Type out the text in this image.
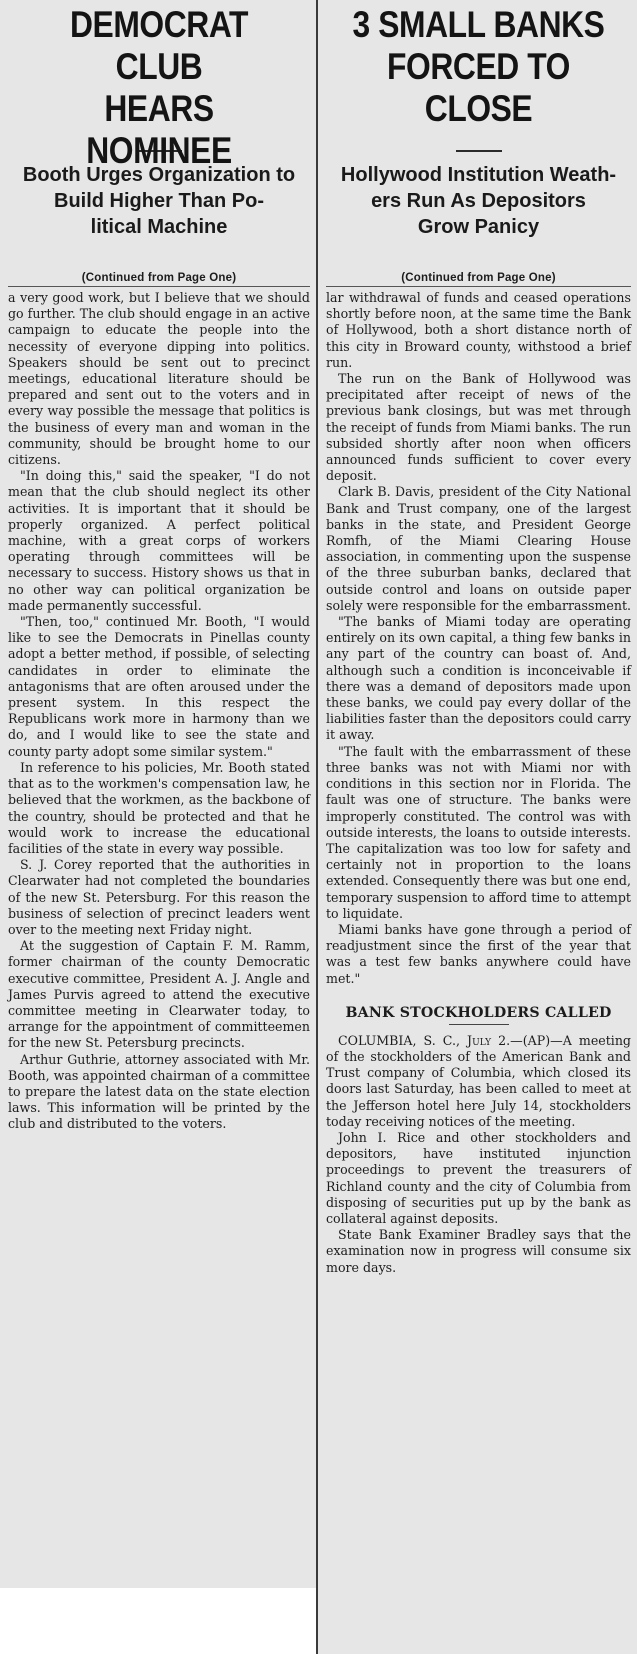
DEMOCRAT CLUB
HEARS NOMINEE
Booth Urges Organization to
Build Higher Than Po-
litical Machine
(Continued from Page One)

a very good work, but I believe that we should go further. The club should engage in an active campaign to educate the people into the necessity of everyone dipping into politics. Speakers should be sent out to precinct meetings, educational literature should be prepared and sent out to the voters and in every way possible the message that politics is the business of every man and woman in the community, should be brought home to our citizens.

"In doing this," said the speaker, "I do not mean that the club should neglect its other activities. It is important that it should be properly organized. A perfect political machine, with a great corps of workers operating through committees will be necessary to success. History shows us that in no other way can political organization be made permanently successful.

"Then, too," continued Mr. Booth, "I would like to see the Democrats in Pinellas county adopt a better method, if possible, of selecting candidates in order to eliminate the antagonisms that are often aroused under the present system. In this respect the Republicans work more in harmony than we do, and I would like to see the state and county party adopt some similar system."

In reference to his policies, Mr. Booth stated that as to the workmen's compensation law, he believed that the workmen, as the backbone of the country, should be protected and that he would work to increase the educational facilities of the state in every way possible.

S. J. Corey reported that the authorities in Clearwater had not completed the boundaries of the new St. Petersburg. For this reason the business of selection of precinct leaders went over to the meeting next Friday night.

At the suggestion of Captain F. M. Ramm, former chairman of the county Democratic executive committee, President A. J. Angle and James Purvis agreed to attend the executive committee meeting in Clearwater today, to arrange for the appointment of committeemen for the new St. Petersburg precincts.

Arthur Guthrie, attorney associated with Mr. Booth, was appointed chairman of a committee to prepare the latest data on the state election laws. This information will be printed by the club and distributed to the voters.

3 SMALL BANKS
FORCED TO CLOSE
Hollywood Institution Weath-
ers Run As Depositors
Grow Panicy
(Continued from Page One)

lar withdrawal of funds and ceased operations shortly before noon, at the same time the Bank of Hollywood, both a short distance north of this city in Broward county, withstood a brief run.

The run on the Bank of Hollywood was precipitated after receipt of news of the previous bank closings, but was met through the receipt of funds from Miami banks. The run subsided shortly after noon when officers announced funds sufficient to cover every deposit.

Clark B. Davis, president of the City National Bank and Trust company, one of the largest banks in the state, and President George Romfh, of the Miami Clearing House association, in commenting upon the suspense of the three suburban banks, declared that outside control and loans on outside paper solely were responsible for the embarrassment.

"The banks of Miami today are operating entirely on its own capital, a thing few banks in any part of the country can boast of. And, although such a condition is inconceivable if there was a demand of depositors made upon these banks, we could pay every dollar of the liabilities faster than the depositors could carry it away.

"The fault with the embarrassment of these three banks was not with Miami nor with conditions in this section nor in Florida. The fault was one of structure. The banks were improperly constituted. The control was with outside interests, the loans to outside interests. The capitalization was too low for safety and certainly not in proportion to the loans extended. Consequently there was but one end, temporary suspension to afford time to attempt to liquidate.

Miami banks have gone through a period of readjustment since the first of the year that was a test few banks anywhere could have met."

BANK STOCKHOLDERS CALLED

COLUMBIA, S. C., July 2.—(AP)—A meeting of the stockholders of the American Bank and Trust company of Columbia, which closed its doors last Saturday, has been called to meet at the Jefferson hotel here July 14, stockholders today receiving notices of the meeting.

John I. Rice and other stockholders and depositors, have instituted injunction proceedings to prevent the treasurers of Richland county and the city of Columbia from disposing of securities put up by the bank as collateral against deposits.

State Bank Examiner Bradley says that the examination now in progress will consume six more days.
